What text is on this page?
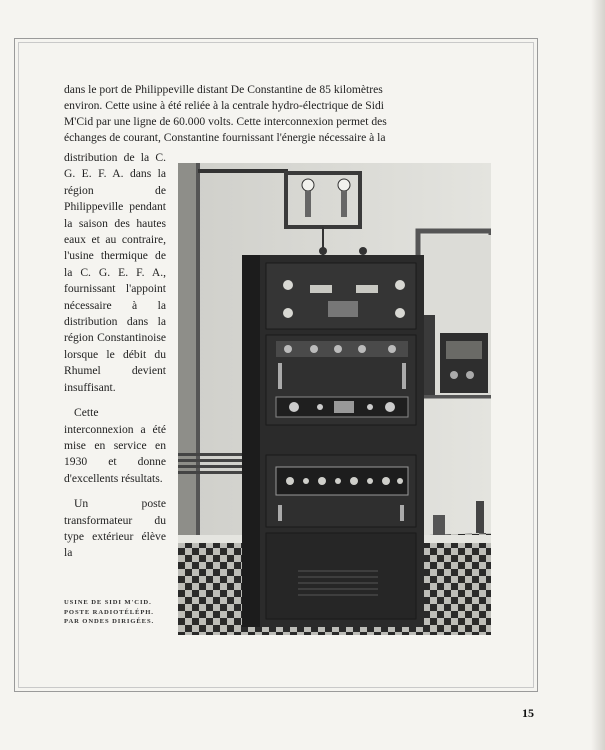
dans le port de Philippeville distant De Constantine de 85 kilomètres
environ. Cette usine à été reliée à la centrale hydro-électrique de Sidi
M'Cid par une ligne de 60.000 volts. Cette interconnexion permet des
échanges de courant, Constantine fournissant l'énergie nécessaire à la

distribution de la C. G. E. F. A. dans la région de Philippeville pendant la saison des hautes eaux et au contraire, l'usine thermique de la C. G. E. F. A., fournissant l'appoint nécessaire à la distribution dans la région Constantinoise lorsque le débit du Rhumel devient insuffisant.

Cette interconnexion a été mise en service en 1930 et donne d'excellents résultats.

Un poste transformateur du type extérieur élève la

USINE DE SIDI M'CID.
POSTE RADIOTÉLÉPH.
PAR ONDES DIRIGÉES.
15
